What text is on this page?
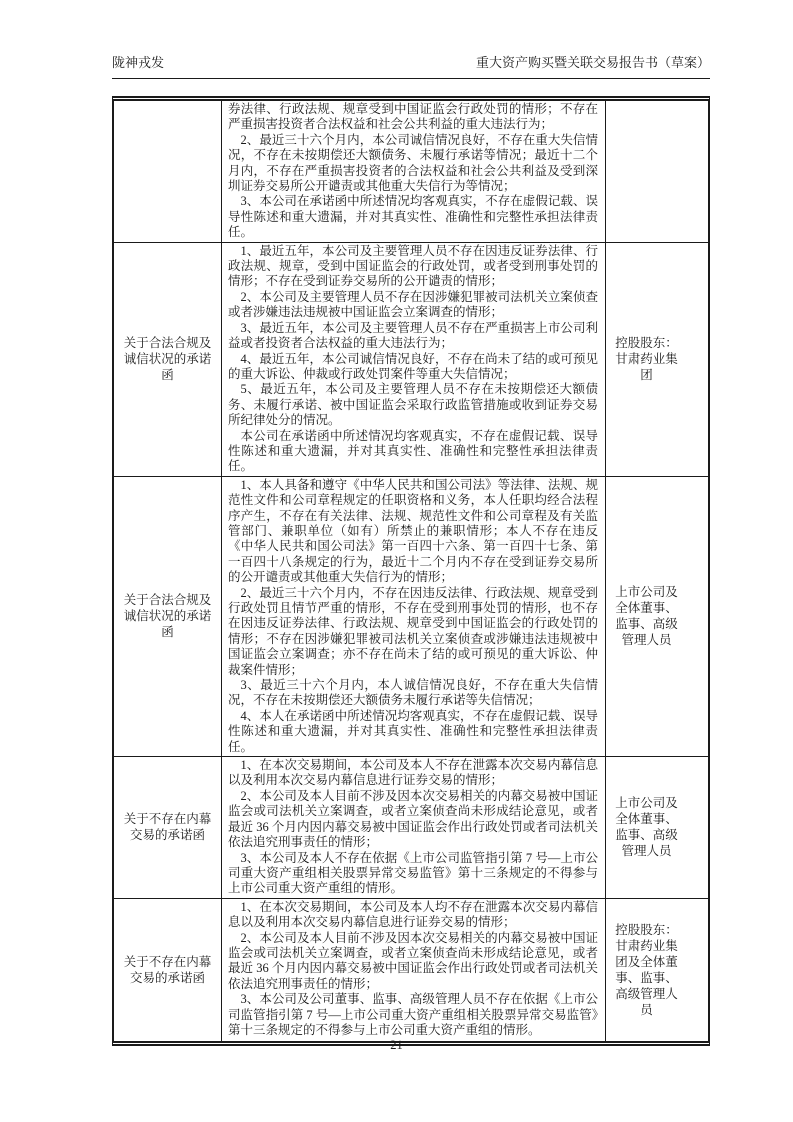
陇神戎发	重大资产购买暨关联交易报告书（草案）

券法律、行政法规、规章受到中国证监会行政处罚的情形；不存在严重损害投资者合法权益和社会公共利益的重大违法行为；

2、最近三十六个月内，本公司诚信情况良好，不存在重大失信情况，不存在未按期偿还大额债务、未履行承诺等情况；最近十二个月内，不存在严重损害投资者的合法权益和社会公共利益及受到深圳证券交易所公开谴责或其他重大失信行为等情况；

3、本公司在承诺函中所述情况均客观真实，不存在虚假记载、误导性陈述和重大遗漏，并对其真实性、准确性和完整性承担法律责任。

关于合法合规及诚信状况的承诺函

1、最近五年，本公司及主要管理人员不存在因违反证券法律、行政法规、规章，受到中国证监会的行政处罚，或者受到刑事处罚的情形；不存在受到证券交易所的公开谴责的情形；

2、本公司及主要管理人员不存在因涉嫌犯罪被司法机关立案侦查或者涉嫌违法违规被中国证监会立案调查的情形；

3、最近五年，本公司及主要管理人员不存在严重损害上市公司利益或者投资者合法权益的重大违法行为；

4、最近五年，本公司诚信情况良好，不存在尚未了结的或可预见的重大诉讼、仲裁或行政处罚案件等重大失信情况；

5、最近五年，本公司及主要管理人员不存在未按期偿还大额债务、未履行承诺、被中国证监会采取行政监管措施或收到证券交易所纪律处分的情况。

本公司在承诺函中所述情况均客观真实，不存在虚假记载、误导性陈述和重大遗漏，并对其真实性、准确性和完整性承担法律责任。

控股股东：甘肃药业集团
关于合法合规及诚信状况的承诺函

1、本人具备和遵守《中华人民共和国公司法》等法律、法规、规范性文件和公司章程规定的任职资格和义务，本人任职均经合法程序产生，不存在有关法律、法规、规范性文件和公司章程及有关监管部门、兼职单位（如有）所禁止的兼职情形；本人不存在违反《中华人民共和国公司法》第一百四十六条、第一百四十七条、第一百四十八条规定的行为，最近十二个月内不存在受到证券交易所的公开谴责或其他重大失信行为的情形；

2、最近三十六个月内，不存在因违反法律、行政法规、规章受到行政处罚且情节严重的情形，不存在受到刑事处罚的情形，也不存在因违反证券法律、行政法规、规章受到中国证监会的行政处罚的情形；不存在因涉嫌犯罪被司法机关立案侦查或涉嫌违法违规被中国证监会立案调查；亦不存在尚未了结的或可预见的重大诉讼、仲裁案件情形；

3、最近三十六个月内，本人诚信情况良好，不存在重大失信情况，不存在未按期偿还大额债务未履行承诺等失信情况；

4、本人在承诺函中所述情况均客观真实，不存在虚假记载、误导性陈述和重大遗漏，并对其真实性、准确性和完整性承担法律责任。

上市公司及全体董事、监事、高级管理人员
关于不存在内幕交易的承诺函

1、在本次交易期间，本公司及本人不存在泄露本次交易内幕信息以及利用本次交易内幕信息进行证券交易的情形；

2、本公司及本人目前不涉及因本次交易相关的内幕交易被中国证监会或司法机关立案调查，或者立案侦查尚未形成结论意见，或者最近 36 个月内因内幕交易被中国证监会作出行政处罚或者司法机关依法追究刑事责任的情形；

3、本公司及本人不存在依据《上市公司监管指引第 7 号—上市公司重大资产重组相关股票异常交易监管》第十三条规定的不得参与上市公司重大资产重组的情形。

上市公司及全体董事、监事、高级管理人员
关于不存在内幕交易的承诺函

1、在本次交易期间，本公司及本人均不存在泄露本次交易内幕信息以及利用本次交易内幕信息进行证券交易的情形；

2、本公司及本人目前不涉及因本次交易相关的内幕交易被中国证监会或司法机关立案调查，或者立案侦查尚未形成结论意见，或者最近 36 个月内因内幕交易被中国证监会作出行政处罚或者司法机关依法追究刑事责任的情形；

3、本公司及公司董事、监事、高级管理人员不存在依据《上市公司监管指引第 7 号—上市公司重大资产重组相关股票异常交易监管》第十三条规定的不得参与上市公司重大资产重组的情形。

控股股东：甘肃药业集团及全体董事、监事、高级管理人员
21
